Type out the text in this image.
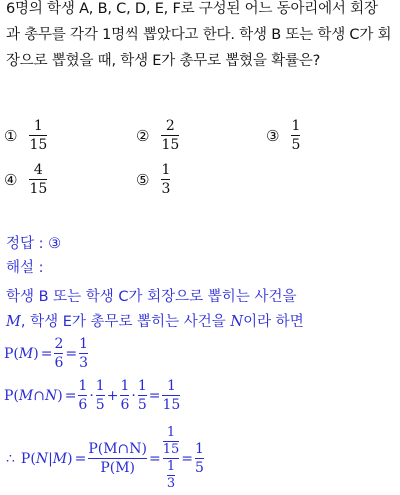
6명의 학생 A, B, C, D, E, F로 구성된 어느 동아리에서 회장
과 총무를 각각 1명씩 뽑았다고 한다. 학생 B 또는 학생 C가 회
장으로 뽑혔을 때, 학생 E가 총무로 뽑혔을 확률은?
① $\frac{1}{15}$	② $\frac{2}{15}$	③ $\frac{1}{5}$
④ $\frac{4}{15}$	⑤ $\frac{1}{3}$
정답 : ③
해설 :
학생 B 또는 학생 C가 회장으로 뽑히는 사건을
M, 학생 E가 총무로 뽑히는 사건을 N이라 하면
P ( M ) = $\frac{2}{6} = \frac{1}{3}$
P ( M∩N ) = $\frac{1}{6} \cdot \frac{1}{5} + \frac{1}{6} \cdot \frac{1}{5} = \frac{1}{15}$
∴ P ( N|M ) = $\frac{P(M\cap N)}{P(M)} = \frac{\frac{1}{15}}{\frac{1}{3}} = \frac{1}{5}$
